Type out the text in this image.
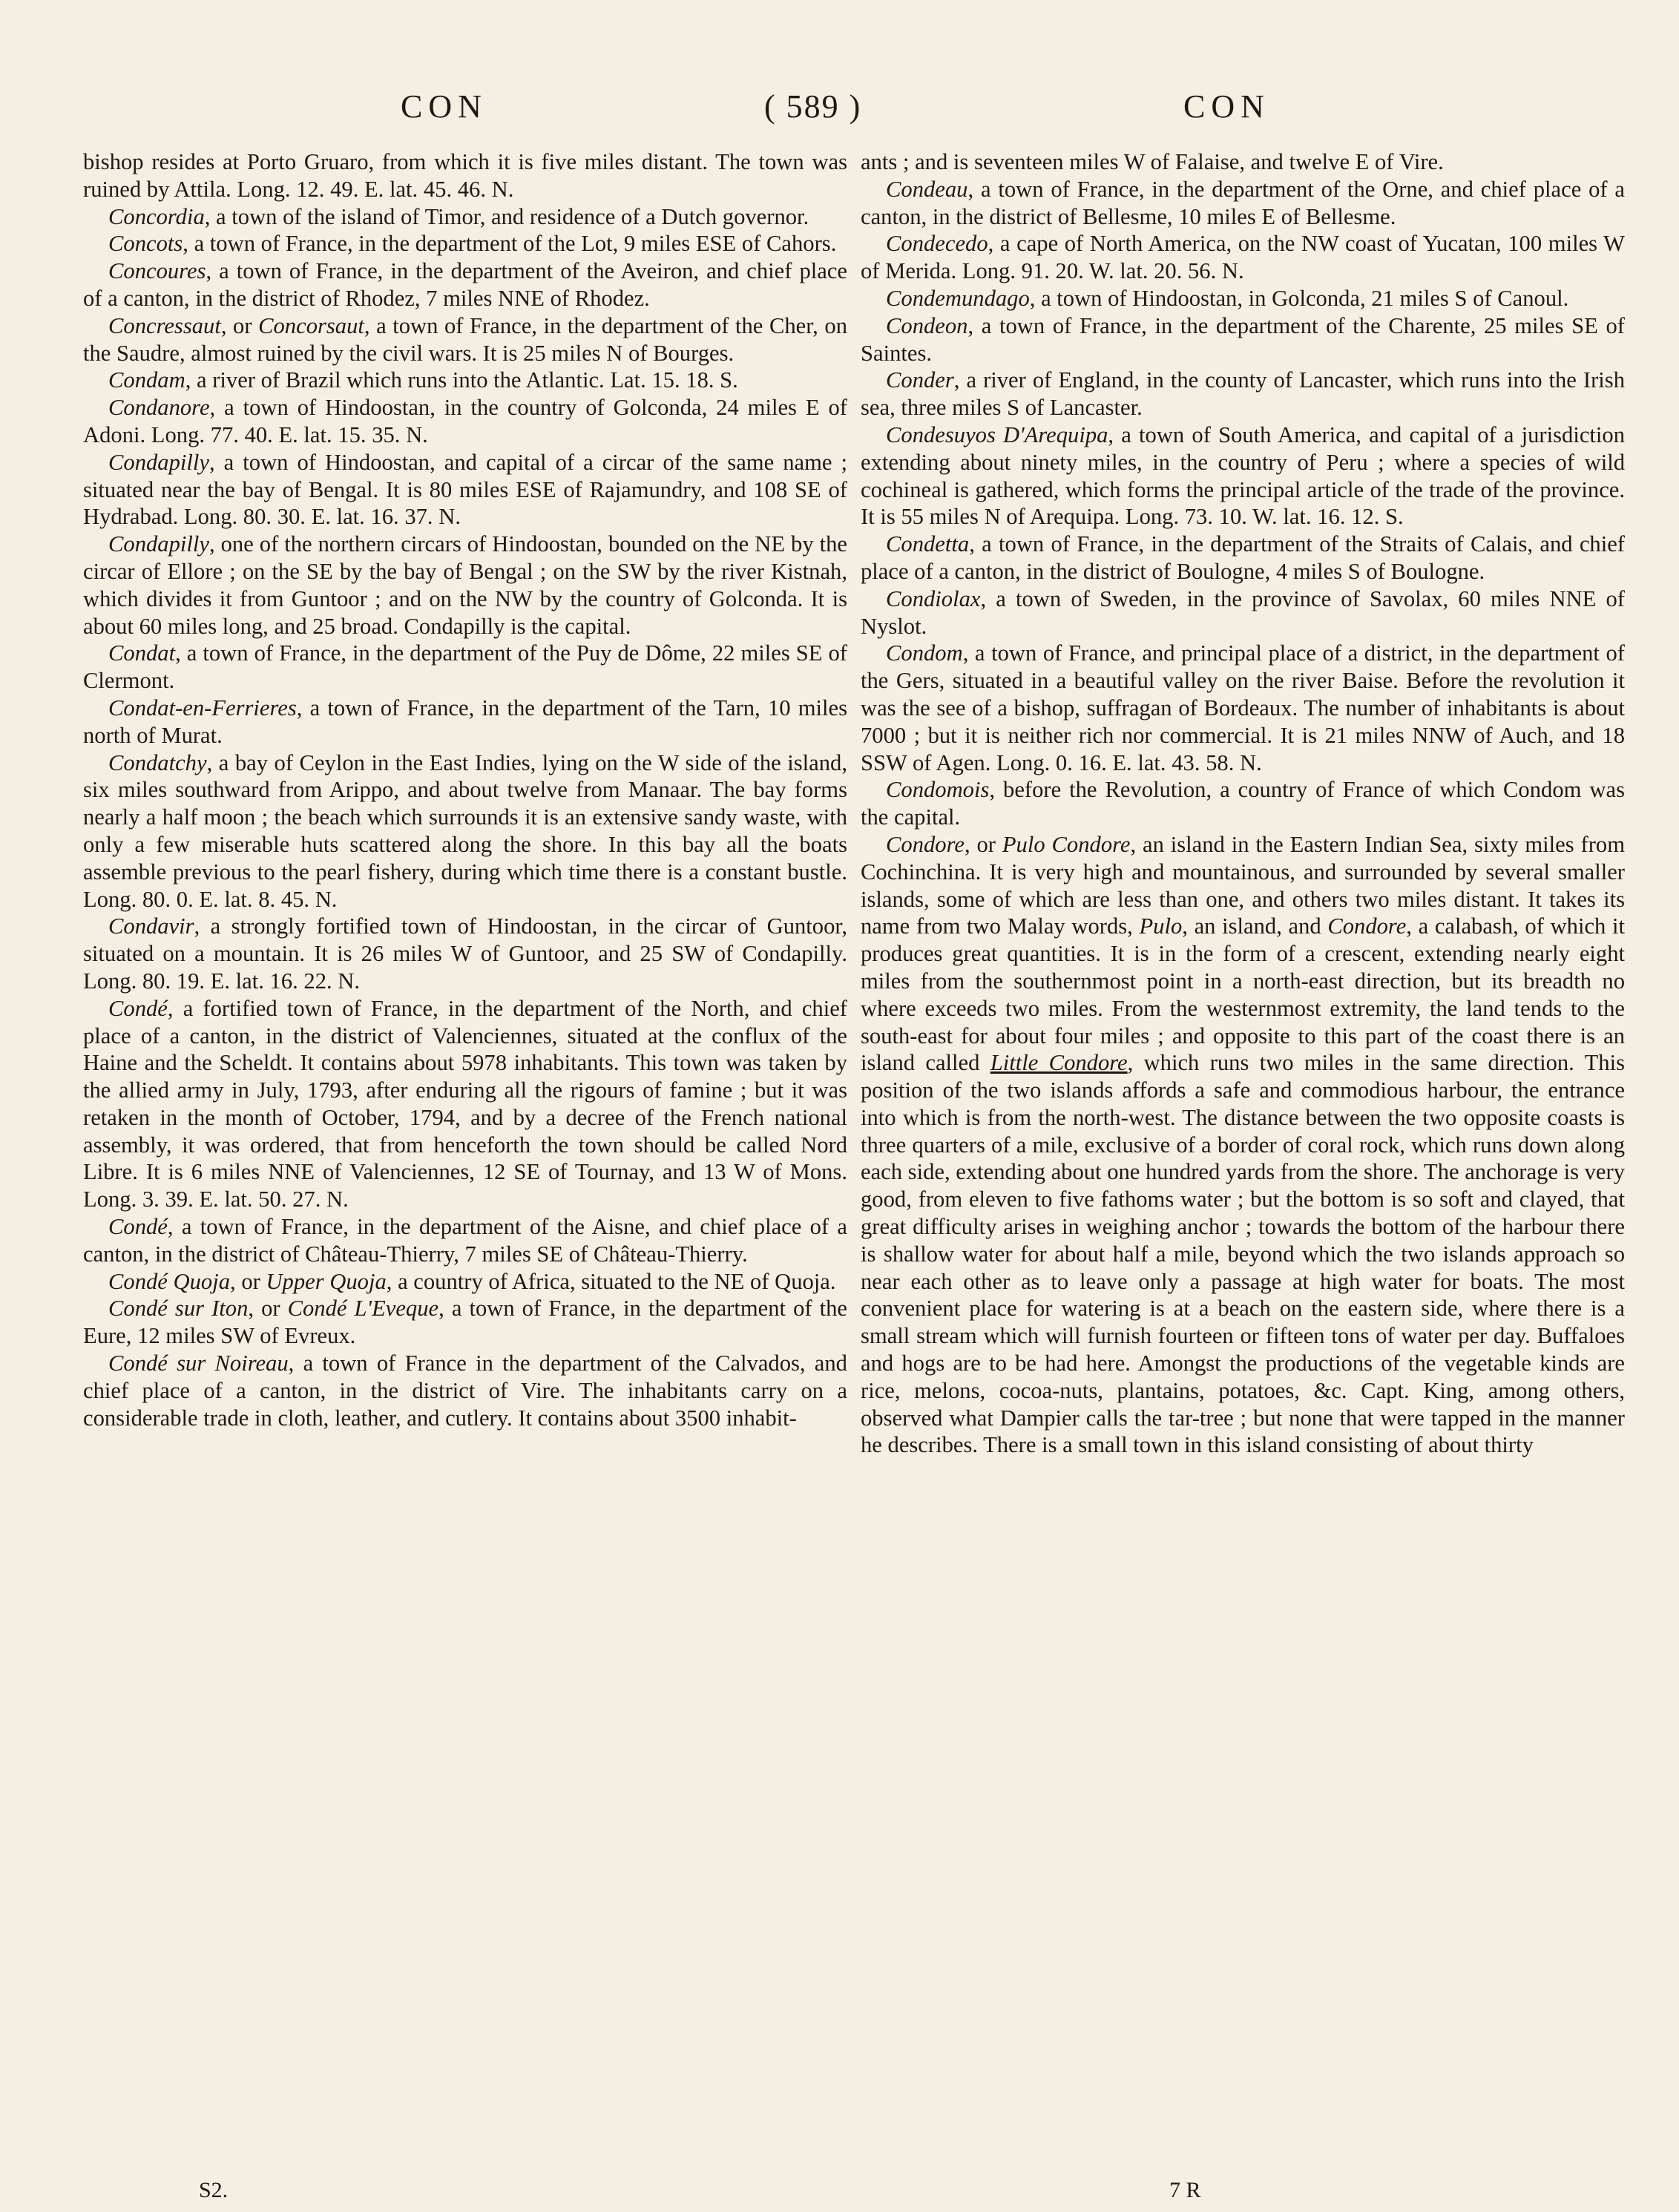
CON	( 589 )	CON

bishop resides at Porto Gruaro, from which it is five miles distant. The town was ruined by Attila. Long. 12. 49. E. lat. 45. 46. N.

Concordia, a town of the island of Timor, and residence of a Dutch governor.

Concots, a town of France, in the department of the Lot, 9 miles ESE of Cahors.

Concoures, a town of France, in the department of the Aveiron, and chief place of a canton, in the district of Rhodez, 7 miles NNE of Rhodez.

Concressaut, or Concorsaut, a town of France, in the department of the Cher, on the Saudre, almost ruined by the civil wars. It is 25 miles N of Bourges.

Condam, a river of Brazil which runs into the Atlantic. Lat. 15. 18. S.

Condanore, a town of Hindoostan, in the country of Golconda, 24 miles E of Adoni. Long. 77. 40. E. lat. 15. 35. N.

Condapilly, a town of Hindoostan, and capital of a circar of the same name ; situated near the bay of Bengal. It is 80 miles ESE of Rajamundry, and 108 SE of Hydrabad. Long. 80. 30. E. lat. 16. 37. N.

Condapilly, one of the northern circars of Hindoostan, bounded on the NE by the circar of Ellore ; on the SE by the bay of Bengal ; on the SW by the river Kistnah, which divides it from Guntoor ; and on the NW by the country of Golconda. It is about 60 miles long, and 25 broad. Condapilly is the capital.

Condat, a town of France, in the department of the Puy de Dôme, 22 miles SE of Clermont.

Condat-en-Ferrieres, a town of France, in the department of the Tarn, 10 miles north of Murat.

Condatchy, a bay of Ceylon in the East Indies, lying on the W side of the island, six miles southward from Arippo, and about twelve from Manaar. The bay forms nearly a half moon ; the beach which surrounds it is an extensive sandy waste, with only a few miserable huts scattered along the shore. In this bay all the boats assemble previous to the pearl fishery, during which time there is a constant bustle. Long. 80. 0. E. lat. 8. 45. N.

Condavir, a strongly fortified town of Hindoostan, in the circar of Guntoor, situated on a mountain. It is 26 miles W of Guntoor, and 25 SW of Condapilly. Long. 80. 19. E. lat. 16. 22. N.

Condé, a fortified town of France, in the department of the North, and chief place of a canton, in the district of Valenciennes, situated at the conflux of the Haine and the Scheldt. It contains about 5978 inhabitants. This town was taken by the allied army in July, 1793, after enduring all the rigours of famine ; but it was retaken in the month of October, 1794, and by a decree of the French national assembly, it was ordered, that from henceforth the town should be called Nord Libre. It is 6 miles NNE of Valenciennes, 12 SE of Tournay, and 13 W of Mons. Long. 3. 39. E. lat. 50. 27. N.

Condé, a town of France, in the department of the Aisne, and chief place of a canton, in the district of Château-Thierry, 7 miles SE of Château-Thierry.

Condé Quoja, or Upper Quoja, a country of Africa, situated to the NE of Quoja.

Condé sur Iton, or Condé L'Eveque, a town of France, in the department of the Eure, 12 miles SW of Evreux.

Condé sur Noireau, a town of France in the department of the Calvados, and chief place of a canton, in the district of Vire. The inhabitants carry on a considerable trade in cloth, leather, and cutlery. It contains about 3500 inhabit-

ants ; and is seventeen miles W of Falaise, and twelve E of Vire.

Condeau, a town of France, in the department of the Orne, and chief place of a canton, in the district of Bellesme, 10 miles E of Bellesme.

Condecedo, a cape of North America, on the NW coast of Yucatan, 100 miles W of Merida. Long. 91. 20. W. lat. 20. 56. N.

Condemundago, a town of Hindoostan, in Golconda, 21 miles S of Canoul.

Condeon, a town of France, in the department of the Charente, 25 miles SE of Saintes.

Conder, a river of England, in the county of Lancaster, which runs into the Irish sea, three miles S of Lancaster.

Condesuyos D'Arequipa, a town of South America, and capital of a jurisdiction extending about ninety miles, in the country of Peru ; where a species of wild cochineal is gathered, which forms the principal article of the trade of the province. It is 55 miles N of Arequipa. Long. 73. 10. W. lat. 16. 12. S.

Condetta, a town of France, in the department of the Straits of Calais, and chief place of a canton, in the district of Boulogne, 4 miles S of Boulogne.

Condiolax, a town of Sweden, in the province of Savolax, 60 miles NNE of Nyslot.

Condom, a town of France, and principal place of a district, in the department of the Gers, situated in a beautiful valley on the river Baise. Before the revolution it was the see of a bishop, suffragan of Bordeaux. The number of inhabitants is about 7000 ; but it is neither rich nor commercial. It is 21 miles NNW of Auch, and 18 SSW of Agen. Long. 0. 16. E. lat. 43. 58. N.

Condomois, before the Revolution, a country of France of which Condom was the capital.

Condore, or Pulo Condore, an island in the Eastern Indian Sea, sixty miles from Cochinchina. It is very high and mountainous, and surrounded by several smaller islands, some of which are less than one, and others two miles distant. It takes its name from two Malay words, Pulo, an island, and Condore, a calabash, of which it produces great quantities. It is in the form of a crescent, extending nearly eight miles from the southernmost point in a north-east direction, but its breadth no where exceeds two miles. From the westernmost extremity, the land tends to the south-east for about four miles ; and opposite to this part of the coast there is an island called Little Condore, which runs two miles in the same direction. This position of the two islands affords a safe and commodious harbour, the entrance into which is from the north-west. The distance between the two opposite coasts is three quarters of a mile, exclusive of a border of coral rock, which runs down along each side, extending about one hundred yards from the shore. The anchorage is very good, from eleven to five fathoms water ; but the bottom is so soft and clayed, that great difficulty arises in weighing anchor ; towards the bottom of the harbour there is shallow water for about half a mile, beyond which the two islands approach so near each other as to leave only a passage at high water for boats. The most convenient place for watering is at a beach on the eastern side, where there is a small stream which will furnish fourteen or fifteen tons of water per day. Buffaloes and hogs are to be had here. Amongst the productions of the vegetable kinds are rice, melons, cocoa-nuts, plantains, potatoes, &c. Capt. King, among others, observed what Dampier calls the tar-tree ; but none that were tapped in the manner he describes. There is a small town in this island consisting of about thirty

S2.	7 R
